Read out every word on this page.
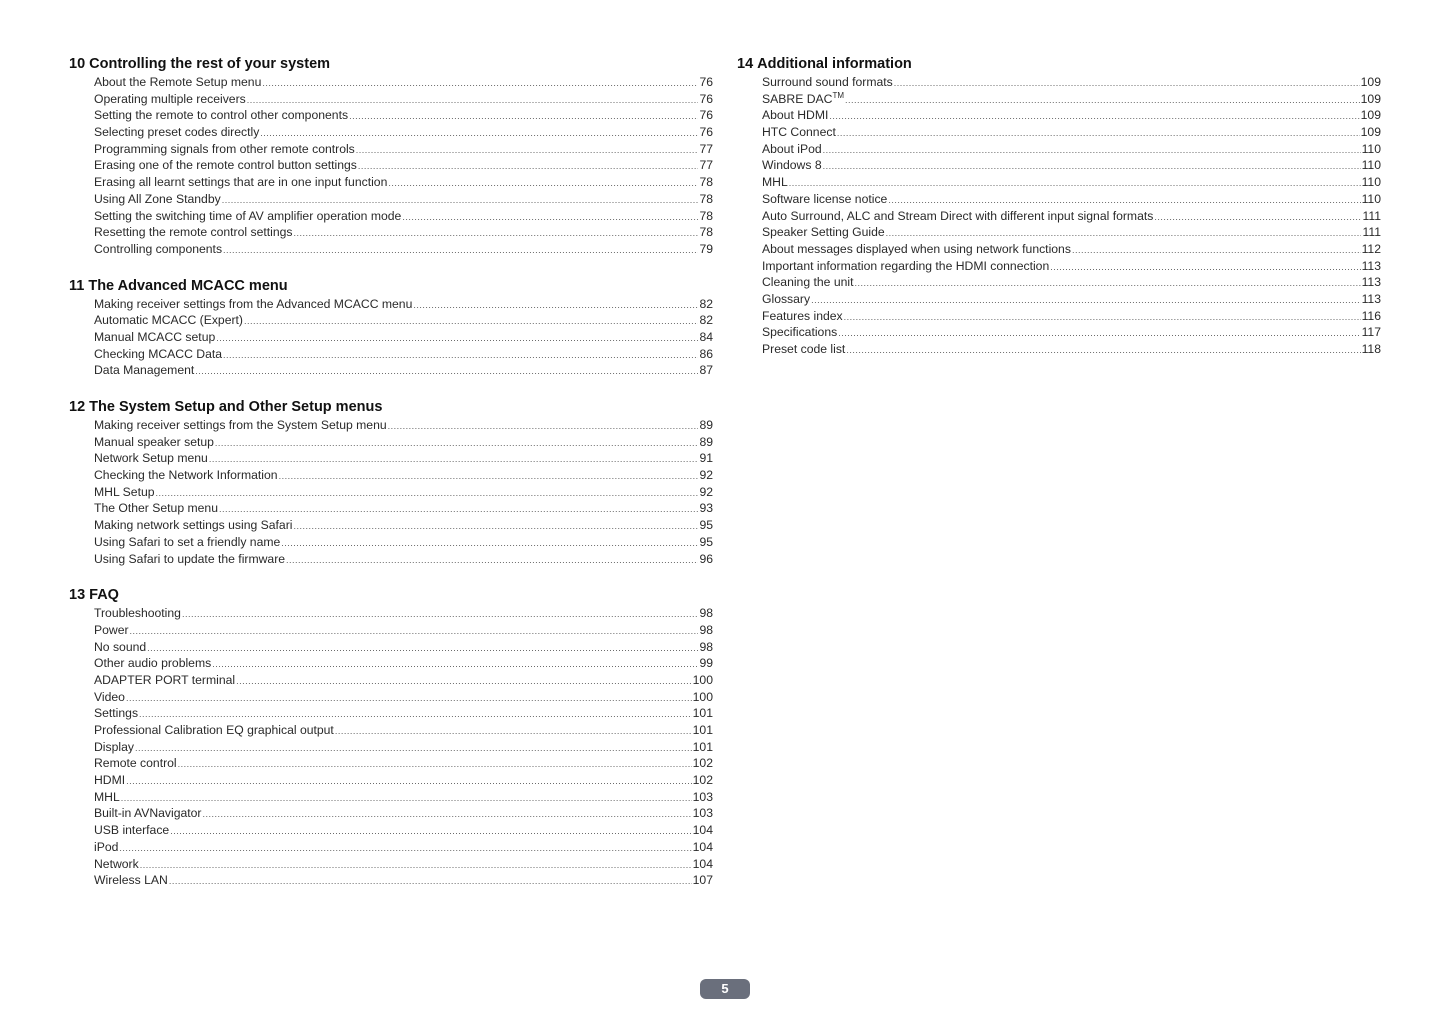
10 Controlling the rest of your system
About the Remote Setup menu .....	76
Operating multiple receivers .....	76
Setting the remote to control other components .....	76
Selecting preset codes directly .....	76
Programming signals from other remote controls .....	77
Erasing one of the remote control button settings .....	77
Erasing all learnt settings that are in one input function .....	78
Using All Zone Standby .....	78
Setting the switching time of AV amplifier operation mode .....	78
Resetting the remote control settings .....	78
Controlling components .....	79
11 The Advanced MCACC menu
Making receiver settings from the Advanced MCACC menu .....	82
Automatic MCACC (Expert) .....	82
Manual MCACC setup .....	84
Checking MCACC Data .....	86
Data Management .....	87
12 The System Setup and Other Setup menus
Making receiver settings from the System Setup menu .....	89
Manual speaker setup .....	89
Network Setup menu .....	91
Checking the Network Information .....	92
MHL Setup .....	92
The Other Setup menu .....	93
Making network settings using Safari .....	95
Using Safari to set a friendly name .....	95
Using Safari to update the firmware .....	96
13 FAQ
Troubleshooting .....	98
Power .....	98
No sound .....	98
Other audio problems .....	99
ADAPTER PORT terminal .....	100
Video .....	100
Settings .....	101
Professional Calibration EQ graphical output .....	101
Display .....	101
Remote control .....	102
HDMI .....	102
MHL .....	103
Built-in AVNavigator .....	103
USB interface .....	104
iPod .....	104
Network .....	104
Wireless LAN .....	107
14 Additional information
Surround sound formats .....	109
SABRE DAC™ .....	109
About HDMI .....	109
HTC Connect .....	109
About iPod .....	110
Windows 8 .....	110
MHL .....	110
Software license notice .....	110
Auto Surround, ALC and Stream Direct with different input signal formats .....	111
Speaker Setting Guide .....	111
About messages displayed when using network functions .....	112
Important information regarding the HDMI connection .....	113
Cleaning the unit .....	113
Glossary .....	113
Features index .....	116
Specifications .....	117
Preset code list .....	118
5
